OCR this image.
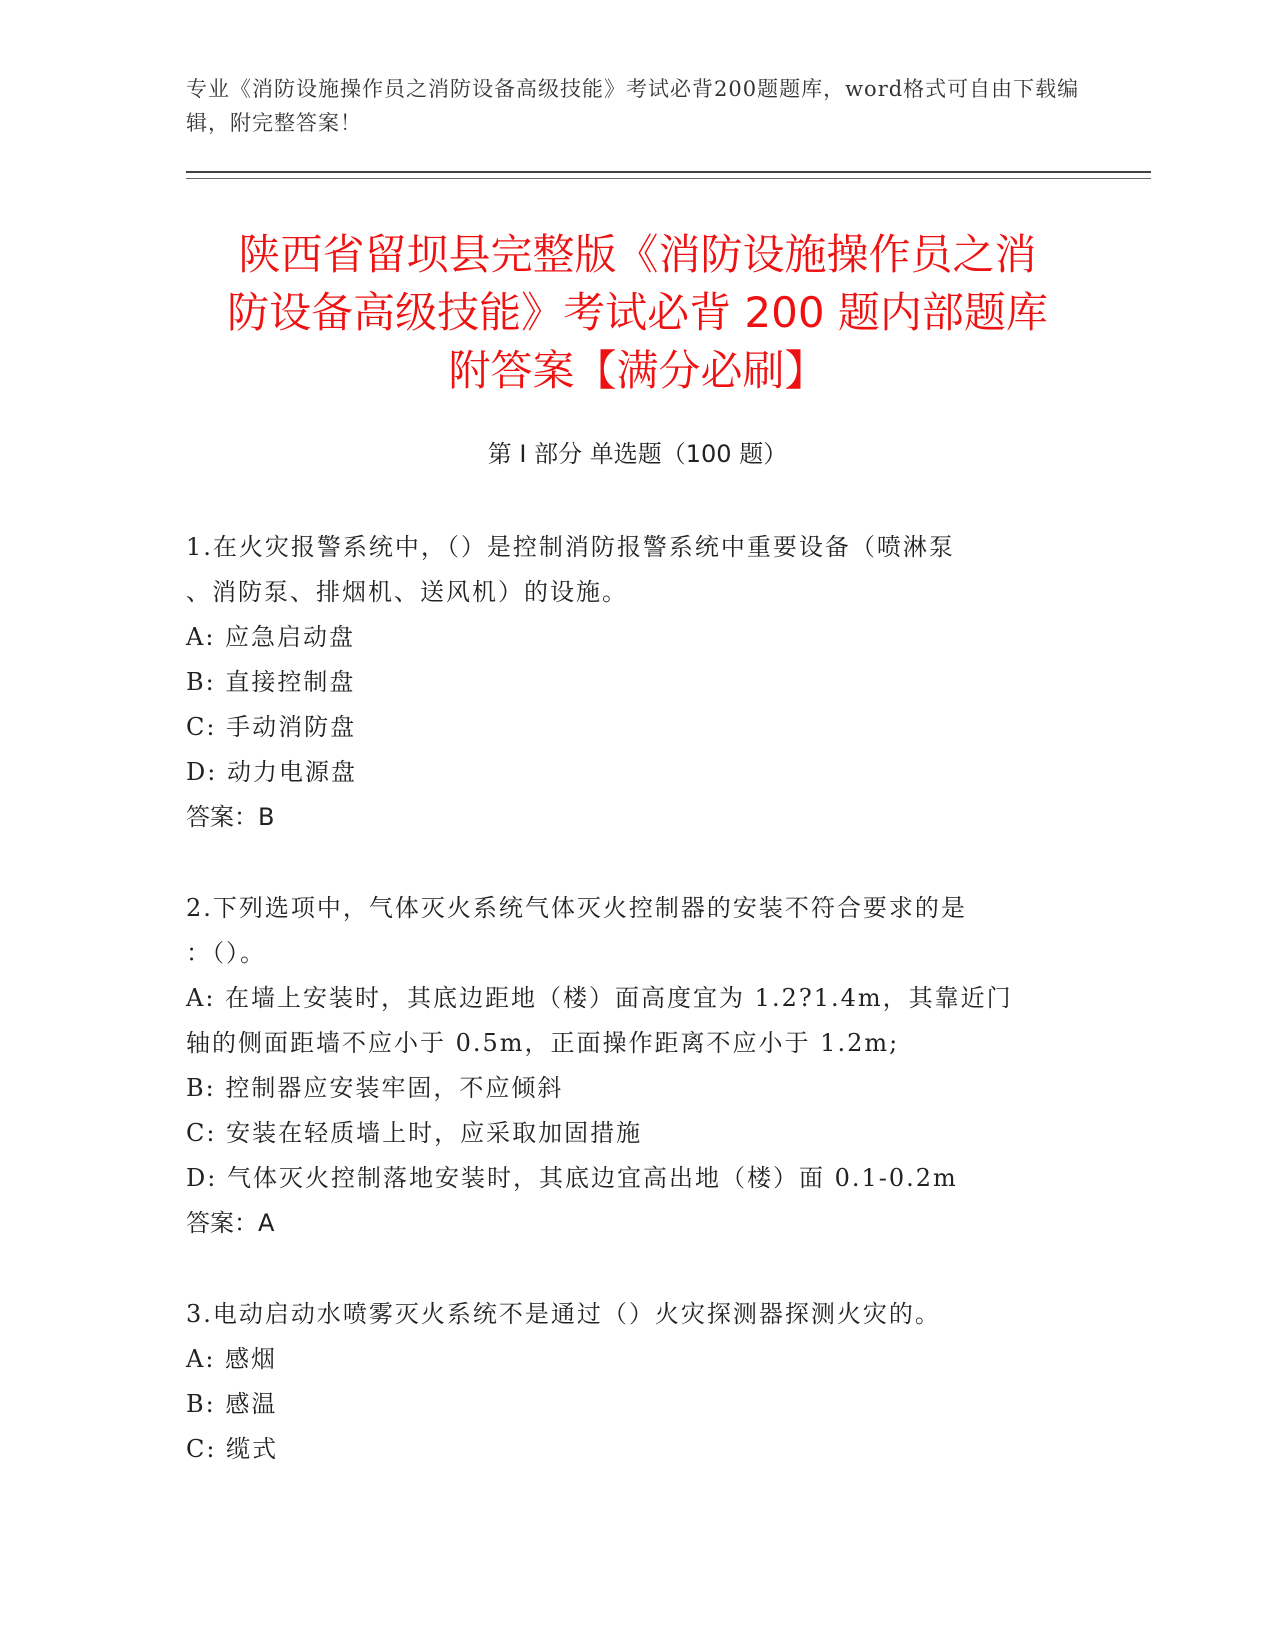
专业《消防设施操作员之消防设备高级技能》考试必背200题题库，word格式可自由下载编辑，附完整答案！
陕西省留坝县完整版《消防设施操作员之消
防设备高级技能》考试必背 200 题内部题库
附答案【满分必刷】
第 I 部分 单选题（100 题）
1.在火灾报警系统中，（）是控制消防报警系统中重要设备（喷淋泵
、消防泵、排烟机、送风机）的设施。
A: 应急启动盘
B: 直接控制盘
C: 手动消防盘
D: 动力电源盘
答案：B
2.下列选项中，气体灭火系统气体灭火控制器的安装不符合要求的是
：（）。
A: 在墙上安装时，其底边距地（楼）面高度宜为 1.2?1.4m，其靠近门
轴的侧面距墙不应小于 0.5m，正面操作距离不应小于 1.2m;
B: 控制器应安装牢固，不应倾斜
C: 安装在轻质墙上时，应采取加固措施
D: 气体灭火控制落地安装时，其底边宜高出地（楼）面 0.1-0.2m
答案：A
3.电动启动水喷雾灭火系统不是通过（）火灾探测器探测火灾的。
A: 感烟
B: 感温
C: 缆式
